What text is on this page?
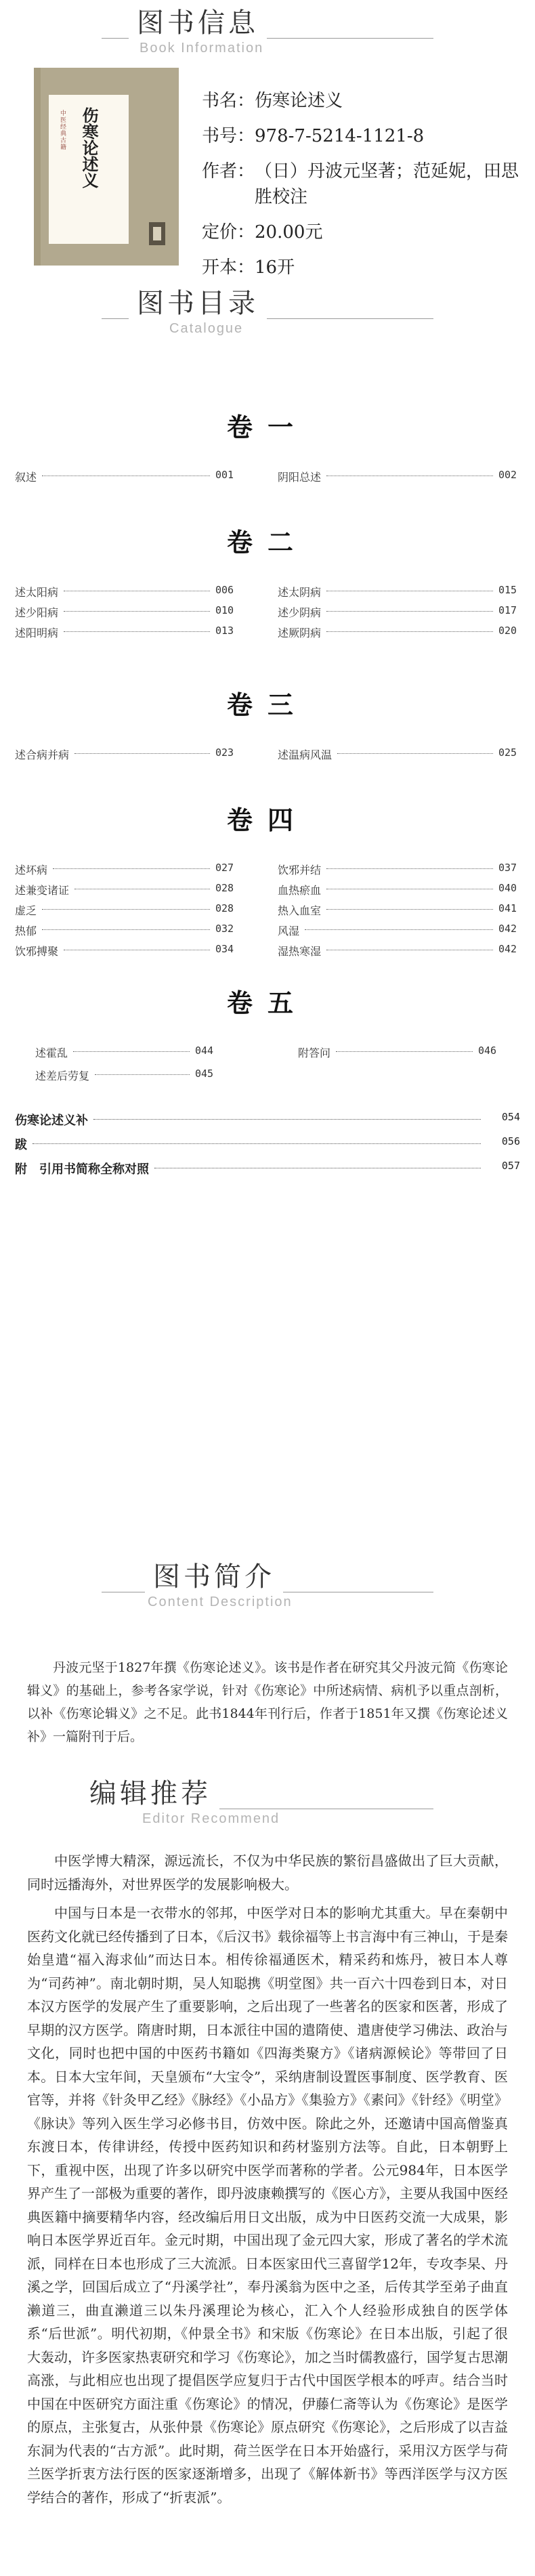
图书信息
Book Information
中医经典古籍 伤寒论述义
书名： 伤寒论述义
书号： 978-7-5214-1121-8
作者： （日）丹波元坚著；范延妮，田思胜校注
定价： 20.00元
开本： 16开
图书目录
Catalogue
卷一
叙述	001	阴阳总述	002
卷二
述太阳病	006	述太阴病	015
述少阳病	010	述少阴病	017
述阳明病	013	述厥阴病	020
卷三
述合病并病	023	述温病风温	025
卷四
述坏病	027	饮邪并结	037
述兼变诸证	028	血热瘀血	040
虚乏	028	热入血室	041
热郁	032	风湿	042
饮邪搏聚	034	湿热寒湿	042
卷五
述霍乱	044	附答问	046
述差后劳复	045
伤寒论述义补	054
跋	056
附　引用书简称全称对照	057
图书简介
Content Description
丹波元坚于1827年撰《伤寒论述义》。该书是作者在研究其父丹波元简《伤寒论辑义》的基础上，参考各家学说，针对《伤寒论》中所述病情、病机予以重点剖析，以补《伤寒论辑义》之不足。此书1844年刊行后，作者于1851年又撰《伤寒论述义补》一篇附刊于后。
编辑推荐
Editor Recommend

中医学博大精深，源远流长，不仅为中华民族的繁衍昌盛做出了巨大贡献，同时远播海外，对世界医学的发展影响极大。

中国与日本是一衣带水的邻邦，中医学对日本的影响尤其重大。早在秦朝中医药文化就已经传播到了日本，《后汉书》载徐福等上书言海中有三神山，于是秦始皇遣“福入海求仙”而达日本。相传徐福通医术，精采药和炼丹，被日本人尊为“司药神”。南北朝时期，吴人知聪携《明堂图》共一百六十四卷到日本，对日本汉方医学的发展产生了重要影响，之后出现了一些著名的医家和医著，形成了早期的汉方医学。隋唐时期，日本派往中国的遣隋使、遣唐使学习佛法、政治与文化，同时也把中国的中医药书籍如《四海类聚方》《诸病源候论》等带回了日本。日本大宝年间，天皇颁布“大宝令”，采纳唐制设置医事制度、医学教育、医官等，并将《针灸甲乙经》《脉经》《小品方》《集验方》《素问》《针经》《明堂》《脉诀》等列入医生学习必修书目，仿效中医。除此之外，还邀请中国高僧鉴真东渡日本，传律讲经，传授中医药知识和药材鉴别方法等。自此，日本朝野上下，重视中医，出现了许多以研究中医学而著称的学者。公元984年，日本医学界产生了一部极为重要的著作，即丹波康赖撰写的《医心方》，主要从我国中医经典医籍中摘要精华内容，经改编后用日文出版，成为中日医药交流一大成果，影响日本医学界近百年。金元时期，中国出现了金元四大家，形成了著名的学术流派，同样在日本也形成了三大流派。日本医家田代三喜留学12年，专攻李杲、丹溪之学，回国后成立了“丹溪学社”，奉丹溪翁为医中之圣，后传其学至弟子曲直濑道三，曲直濑道三以朱丹溪理论为核心，汇入个人经验形成独自的医学体系“后世派”。明代初期，《仲景全书》和宋版《伤寒论》在日本出版，引起了很大轰动，许多医家热衷研究和学习《伤寒论》，加之当时儒教盛行，国学复古思潮高涨，与此相应也出现了提倡医学应复归于古代中国医学根本的呼声。结合当时中国在中医研究方面注重《伤寒论》的情况，伊藤仁斋等认为《伤寒论》是医学的原点，主张复古，从张仲景《伤寒论》原点研究《伤寒论》，之后形成了以吉益东洞为代表的“古方派”。此时期，荷兰医学在日本开始盛行，采用汉方医学与荷兰医学折衷方法行医的医家逐渐增多，出现了《解体新书》等西洋医学与汉方医学结合的著作，形成了“折衷派”。
